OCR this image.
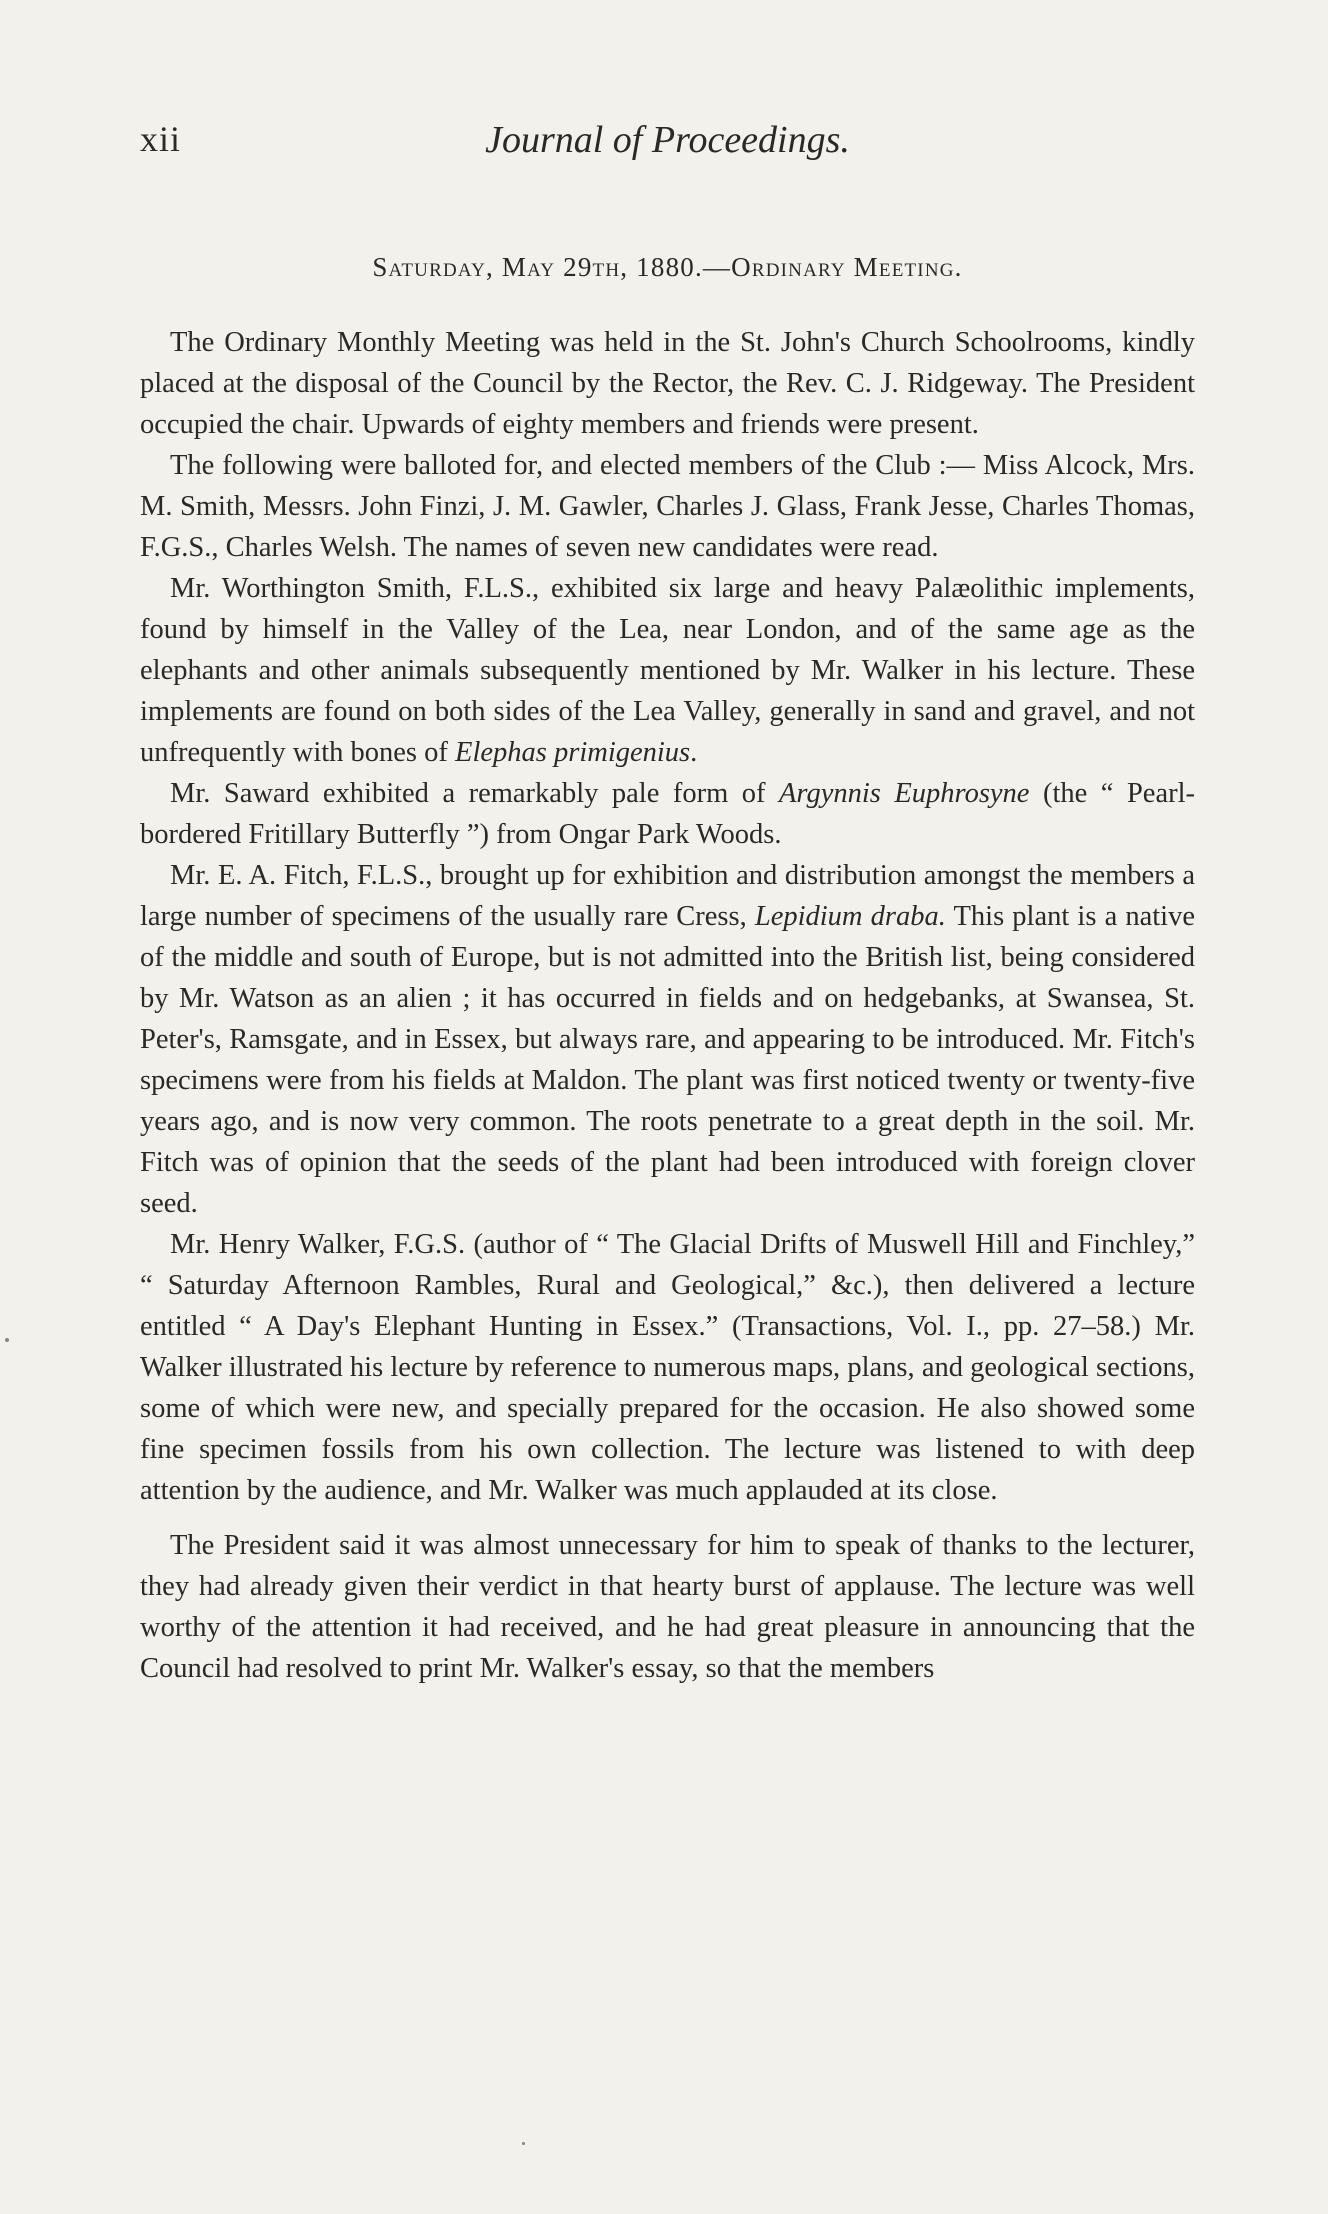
xii	Journal of Proceedings.
Saturday, May 29th, 1880.—Ordinary Meeting.

The Ordinary Monthly Meeting was held in the St. John's Church Schoolrooms, kindly placed at the disposal of the Council by the Rector, the Rev. C. J. Ridgeway. The President occupied the chair. Upwards of eighty members and friends were present.

The following were balloted for, and elected members of the Club :— Miss Alcock, Mrs. M. Smith, Messrs. John Finzi, J. M. Gawler, Charles J. Glass, Frank Jesse, Charles Thomas, F.G.S., Charles Welsh. The names of seven new candidates were read.

Mr. Worthington Smith, F.L.S., exhibited six large and heavy Palæolithic implements, found by himself in the Valley of the Lea, near London, and of the same age as the elephants and other animals subsequently mentioned by Mr. Walker in his lecture. These implements are found on both sides of the Lea Valley, generally in sand and gravel, and not unfrequently with bones of Elephas primigenius.

Mr. Saward exhibited a remarkably pale form of Argynnis Euphrosyne (the “ Pearl-bordered Fritillary Butterfly ”) from Ongar Park Woods.

Mr. E. A. Fitch, F.L.S., brought up for exhibition and distribution amongst the members a large number of specimens of the usually rare Cress, Lepidium draba. This plant is a native of the middle and south of Europe, but is not admitted into the British list, being considered by Mr. Watson as an alien ; it has occurred in fields and on hedgebanks, at Swansea, St. Peter's, Ramsgate, and in Essex, but always rare, and appearing to be introduced. Mr. Fitch's specimens were from his fields at Maldon. The plant was first noticed twenty or twenty-five years ago, and is now very common. The roots penetrate to a great depth in the soil. Mr. Fitch was of opinion that the seeds of the plant had been introduced with foreign clover seed.

Mr. Henry Walker, F.G.S. (author of “ The Glacial Drifts of Muswell Hill and Finchley,” “ Saturday Afternoon Rambles, Rural and Geological,” &c.), then delivered a lecture entitled “ A Day's Elephant Hunting in Essex.” (Transactions, Vol. I., pp. 27–58.) Mr. Walker illustrated his lecture by reference to numerous maps, plans, and geological sections, some of which were new, and specially prepared for the occasion. He also showed some fine specimen fossils from his own collection. The lecture was listened to with deep attention by the audience, and Mr. Walker was much applauded at its close.

The President said it was almost unnecessary for him to speak of thanks to the lecturer, they had already given their verdict in that hearty burst of applause. The lecture was well worthy of the attention it had received, and he had great pleasure in announcing that the Council had resolved to print Mr. Walker's essay, so that the members
